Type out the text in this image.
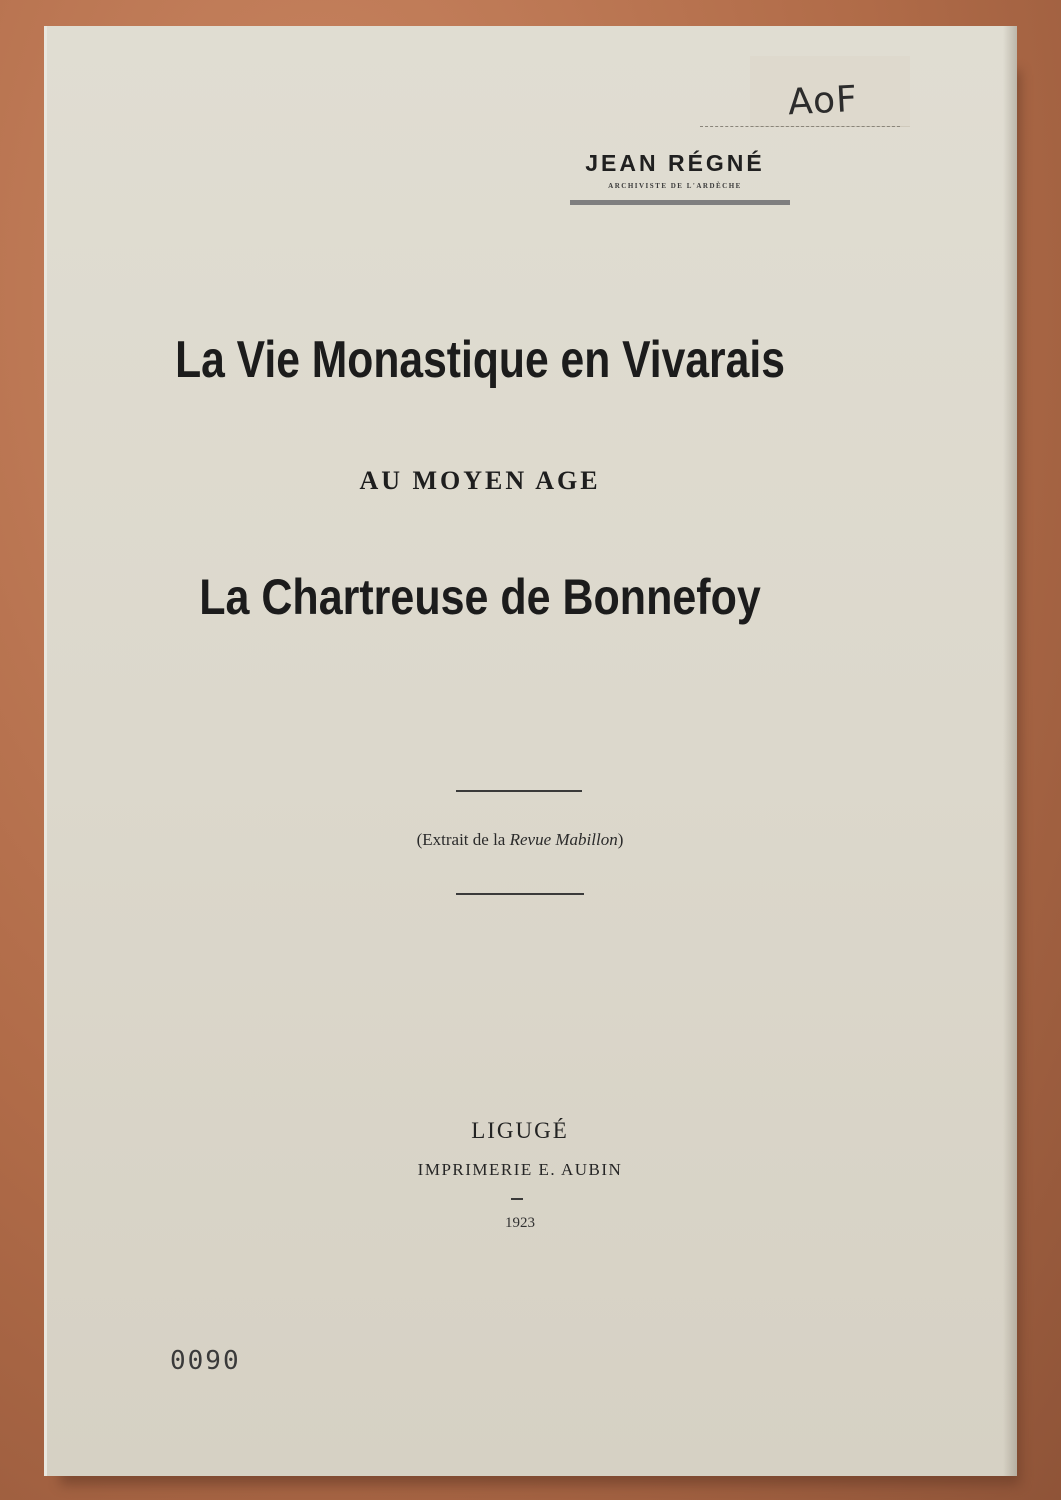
AoF
JEAN RÉGNÉ
ARCHIVISTE DE L'ARDÈCHE
La Vie Monastique en Vivarais
AU MOYEN AGE
La Chartreuse de Bonnefoy
(Extrait de la Revue Mabillon)
LIGUGÉ
IMPRIMERIE E. AUBIN
1923
0090
